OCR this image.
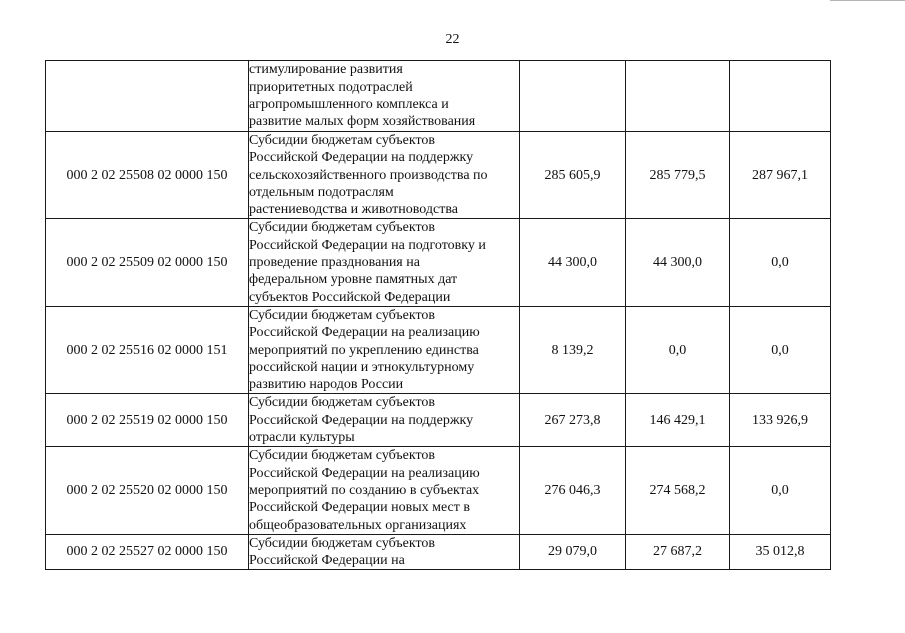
22

	стимулирование развития
приоритетных подотраслей
агропромышленного комплекса и
развитие малых форм хозяйствования			

000 2 02 25508 02 0000 150	Субсидии бюджетам субъектов
Российской Федерации на поддержку
сельскохозяйственного производства по
отдельным подотраслям
растениеводства и животноводства	285 605,9	285 779,5	287 967,1
000 2 02 25509 02 0000 150	Субсидии бюджетам субъектов
Российской Федерации на подготовку и
проведение празднования на
федеральном уровне памятных дат
субъектов Российской Федерации	44 300,0	44 300,0	0,0
000 2 02 25516 02 0000 151	Субсидии бюджетам субъектов
Российской Федерации на реализацию
мероприятий по укреплению единства
российской нации и этнокультурному
развитию народов России	8 139,2	0,0	0,0
000 2 02 25519 02 0000 150	Субсидии бюджетам субъектов
Российской Федерации на поддержку
отрасли культуры	267 273,8	146 429,1	133 926,9
000 2 02 25520 02 0000 150	Субсидии бюджетам субъектов
Российской Федерации на реализацию
мероприятий по созданию в субъектах
Российской Федерации новых мест в
общеобразовательных организациях	276 046,3	274 568,2	0,0
000 2 02 25527 02 0000 150	Субсидии бюджетам субъектов
Российской Федерации на	29 079,0	27 687,2	35 012,8
